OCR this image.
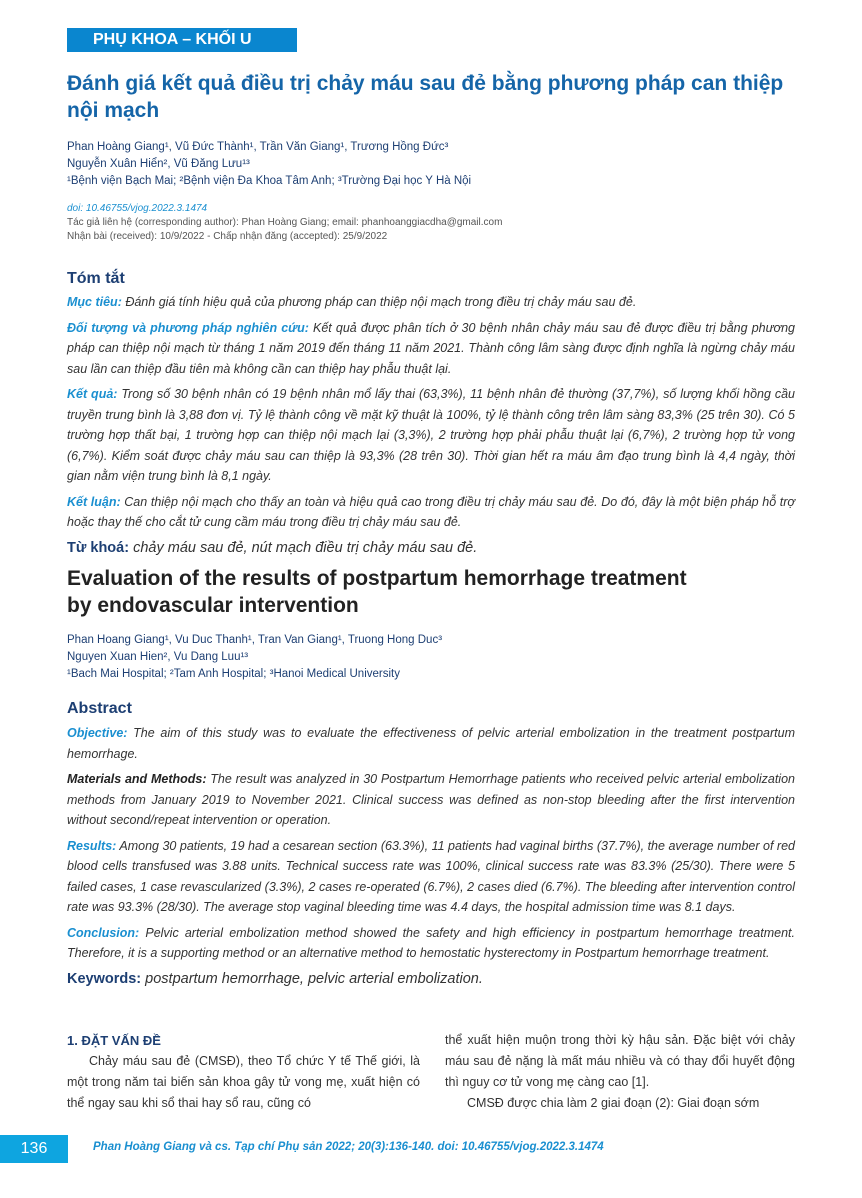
PHỤ KHOA – KHỐI U
Đánh giá kết quả điều trị chảy máu sau đẻ bằng phương pháp can thiệp nội mạch
Phan Hoàng Giang¹, Vũ Đức Thành¹, Trần Văn Giang¹, Trương Hồng Đức³
Nguyễn Xuân Hiển², Vũ Đăng Lưu¹³
¹Bệnh viện Bạch Mai; ²Bệnh viện Đa Khoa Tâm Anh; ³Trường Đại học Y Hà Nội
doi: 10.46755/vjog.2022.3.1474
Tác giả liên hệ (corresponding author): Phan Hoàng Giang; email: phanhoanggiacdha@gmail.com
Nhận bài (received): 10/9/2022 - Chấp nhận đăng (accepted): 25/9/2022
Tóm tắt

Mục tiêu: Đánh giá tính hiệu quả của phương pháp can thiệp nội mạch trong điều trị chảy máu sau đẻ.

Đối tượng và phương pháp nghiên cứu: Kết quả được phân tích ở 30 bệnh nhân chảy máu sau đẻ được điều trị bằng phương pháp can thiệp nội mạch từ tháng 1 năm 2019 đến tháng 11 năm 2021. Thành công lâm sàng được định nghĩa là ngừng chảy máu sau lần can thiệp đầu tiên mà không cần can thiệp hay phẫu thuật lại.

Kết quả: Trong số 30 bệnh nhân có 19 bệnh nhân mổ lấy thai (63,3%), 11 bệnh nhân đẻ thường (37,7%), số lượng khối hồng cầu truyền trung bình là 3,88 đơn vị. Tỷ lệ thành công về mặt kỹ thuật là 100%, tỷ lệ thành công trên lâm sàng 83,3% (25 trên 30). Có 5 trường hợp thất bại, 1 trường hợp can thiệp nội mạch lại (3,3%), 2 trường hợp phải phẫu thuật lại (6,7%), 2 trường hợp tử vong (6,7%). Kiểm soát được chảy máu sau can thiệp là 93,3% (28 trên 30). Thời gian hết ra máu âm đạo trung bình là 4,4 ngày, thời gian nằm viện trung bình là 8,1 ngày.

Kết luận: Can thiệp nội mạch cho thấy an toàn và hiệu quả cao trong điều trị chảy máu sau đẻ. Do đó, đây là một biện pháp hỗ trợ hoặc thay thế cho cắt tử cung cầm máu trong điều trị chảy máu sau đẻ.

Từ khoá: chảy máu sau đẻ, nút mạch điều trị chảy máu sau đẻ.

Evaluation of the results of postpartum hemorrhage treatment by endovascular intervention
Phan Hoang Giang¹, Vu Duc Thanh¹, Tran Van Giang¹, Truong Hong Duc³
Nguyen Xuan Hien², Vu Dang Luu¹³
¹Bach Mai Hospital; ²Tam Anh Hospital; ³Hanoi Medical University
Abstract

Objective: The aim of this study was to evaluate the effectiveness of pelvic arterial embolization in the treatment postpartum hemorrhage.

Materials and Methods: The result was analyzed in 30 Postpartum Hemorrhage patients who received pelvic arterial embolization methods from January 2019 to November 2021. Clinical success was defined as non-stop bleeding after the first intervention without second/repeat intervention or operation.

Results: Among 30 patients, 19 had a cesarean section (63.3%), 11 patients had vaginal births (37.7%), the average number of red blood cells transfused was 3.88 units. Technical success rate was 100%, clinical success rate was 83.3% (25/30). There were 5 failed cases, 1 case revascularized (3.3%), 2 cases re-operated (6.7%), 2 cases died (6.7%). The bleeding after intervention control rate was 93.3% (28/30). The average stop vaginal bleeding time was 4.4 days, the hospital admission time was 8.1 days.

Conclusion: Pelvic arterial embolization method showed the safety and high efficiency in postpartum hemorrhage treatment. Therefore, it is a supporting method or an alternative method to hemostatic hysterectomy in Postpartum hemorrhage treatment.

Keywords: postpartum hemorrhage, pelvic arterial embolization.

1. ĐẶT VẤN ĐỀ

Chảy máu sau đẻ (CMSĐ), theo Tổ chức Y tế Thế giới, là một trong năm tai biến sản khoa gây tử vong mẹ, xuất hiện có thể ngay sau khi sổ thai hay sổ rau, cũng có

thể xuất hiện muộn trong thời kỳ hậu sản. Đặc biệt với chảy máu sau đẻ nặng là mất máu nhiều và có thay đổi huyết động thì nguy cơ tử vong mẹ càng cao [1].

CMSĐ được chia làm 2 giai đoạn (2): Giai đoạn sớm

136	Phan Hoàng Giang và cs. Tạp chí Phụ sản 2022; 20(3):136-140. doi: 10.46755/vjog.2022.3.1474
